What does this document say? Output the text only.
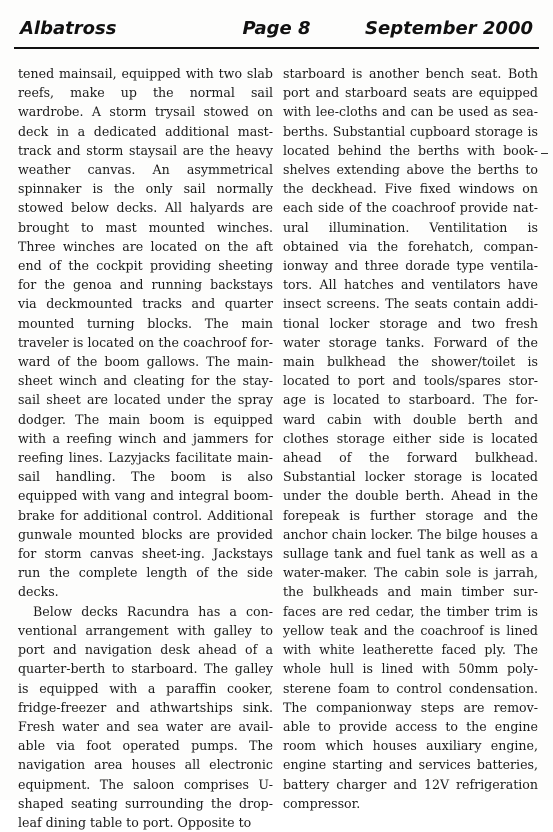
Albatross	Page 8	September 2000

tened mainsail, equipped with two slab reefs, make up the normal sail wardrobe. A storm trysail stowed on deck in a dedicated additional mast-track and storm staysail are the heavy weather canvas. An asymmetrical spinnaker is the only sail normally stowed below decks. All halyards are brought to mast mounted winches. Three winches are located on the aft end of the cockpit providing sheeting for the genoa and running backstays via deckmounted tracks and quarter mounted turning blocks. The main traveler is located on the coachroof for-ward of the boom gallows. The main-sheet winch and cleating for the stay-sail sheet are located under the spray dodger. The main boom is equipped with a reefing winch and jammers for reefing lines. Lazyjacks facilitate main-sail handling. The boom is also equipped with vang and integral boom-brake for additional control. Additional gunwale mounted blocks are provided for storm canvas sheet-ing. Jackstays run the complete length of the side decks.

Below decks Racundra has a con-ventional arrangement with galley to port and navigation desk ahead of a quarter-berth to starboard. The galley is equipped with a paraffin cooker, fridge-freezer and athwartships sink. Fresh water and sea water are avail-able via foot operated pumps. The navigation area houses all electronic equipment. The saloon comprises U-shaped seating surrounding the drop-leaf dining table to port. Opposite to

starboard is another bench seat. Both port and starboard seats are equipped with lee-cloths and can be used as sea-berths. Substantial cupboard storage is located behind the berths with book-shelves extending above the berths to the deckhead. Five fixed windows on each side of the coachroof provide nat-ural illumination. Ventilitation is obtained via the forehatch, compan-ionway and three dorade type ventila-tors. All hatches and ventilators have insect screens. The seats contain addi-tional locker storage and two fresh water storage tanks. Forward of the main bulkhead the shower/toilet is located to port and tools/spares stor-age is located to starboard. The for-ward cabin with double berth and clothes storage either side is located ahead of the forward bulkhead. Substantial locker storage is located under the double berth. Ahead in the forepeak is further storage and the anchor chain locker. The bilge houses a sullage tank and fuel tank as well as a water-maker. The cabin sole is jarrah, the bulkheads and main timber sur-faces are red cedar, the timber trim is yellow teak and the coachroof is lined with white leatherette faced ply. The whole hull is lined with 50mm poly-sterene foam to control condensation. The companionway steps are remov-able to provide access to the engine room which houses auxiliary engine, engine starting and services batteries, battery charger and 12V refrigeration compressor.
